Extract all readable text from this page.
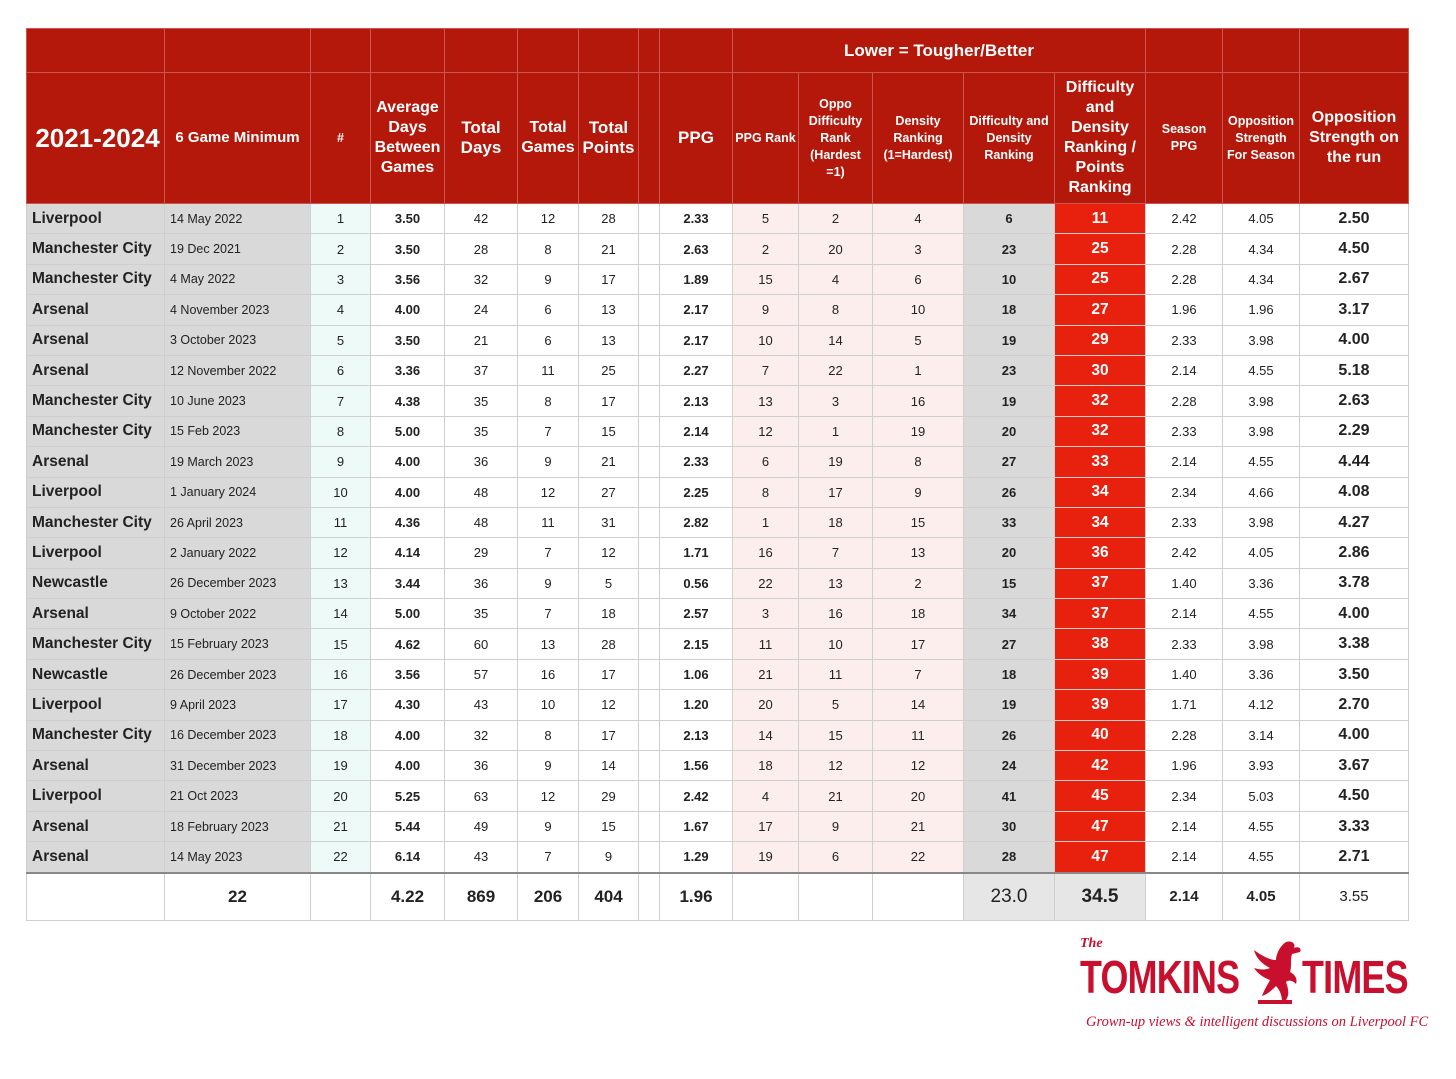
									Lower = Tougher/Better							
2021-2024	6 Game Minimum	#	Average Days Between Games	Total Days	Total Games	Total Points		PPG	PPG Rank	Oppo Difficulty Rank (Hardest =1)	Density Ranking (1=Hardest)	Difficulty and Density Ranking	Difficulty and Density Ranking / Points Ranking	Season PPG	Opposition Strength For Season	Opposition Strength on the run
Liverpool	14 May 2022	1	3.50	42	12	28		2.33	5	2	4	6	11	2.42	4.05	2.50
Manchester City	19 Dec 2021	2	3.50	28	8	21		2.63	2	20	3	23	25	2.28	4.34	4.50
Manchester City	4 May 2022	3	3.56	32	9	17		1.89	15	4	6	10	25	2.28	4.34	2.67
Arsenal	4 November 2023	4	4.00	24	6	13		2.17	9	8	10	18	27	1.96	1.96	3.17
Arsenal	3 October 2023	5	3.50	21	6	13		2.17	10	14	5	19	29	2.33	3.98	4.00
Arsenal	12 November 2022	6	3.36	37	11	25		2.27	7	22	1	23	30	2.14	4.55	5.18
Manchester City	10 June 2023	7	4.38	35	8	17		2.13	13	3	16	19	32	2.28	3.98	2.63
Manchester City	15 Feb 2023	8	5.00	35	7	15		2.14	12	1	19	20	32	2.33	3.98	2.29
Arsenal	19 March 2023	9	4.00	36	9	21		2.33	6	19	8	27	33	2.14	4.55	4.44
Liverpool	1 January 2024	10	4.00	48	12	27		2.25	8	17	9	26	34	2.34	4.66	4.08
Manchester City	26 April 2023	11	4.36	48	11	31		2.82	1	18	15	33	34	2.33	3.98	4.27
Liverpool	2 January 2022	12	4.14	29	7	12		1.71	16	7	13	20	36	2.42	4.05	2.86
Newcastle	26 December 2023	13	3.44	36	9	5		0.56	22	13	2	15	37	1.40	3.36	3.78
Arsenal	9 October 2022	14	5.00	35	7	18		2.57	3	16	18	34	37	2.14	4.55	4.00
Manchester City	15 February 2023	15	4.62	60	13	28		2.15	11	10	17	27	38	2.33	3.98	3.38
Newcastle	26 December 2023	16	3.56	57	16	17		1.06	21	11	7	18	39	1.40	3.36	3.50
Liverpool	9 April 2023	17	4.30	43	10	12		1.20	20	5	14	19	39	1.71	4.12	2.70
Manchester City	16 December 2023	18	4.00	32	8	17		2.13	14	15	11	26	40	2.28	3.14	4.00
Arsenal	31 December 2023	19	4.00	36	9	14		1.56	18	12	12	24	42	1.96	3.93	3.67
Liverpool	21 Oct 2023	20	5.25	63	12	29		2.42	4	21	20	41	45	2.34	5.03	4.50
Arsenal	18 February 2023	21	5.44	49	9	15		1.67	17	9	21	30	47	2.14	4.55	3.33
Arsenal	14 May 2023	22	6.14	43	7	9		1.29	19	6	22	28	47	2.14	4.55	2.71
	22		4.22	869	206	404		1.96				23.0	34.5	2.14	4.05	3.55
The
TOMKINS TIMES
Grown-up views & intelligent discussions on Liverpool FC
